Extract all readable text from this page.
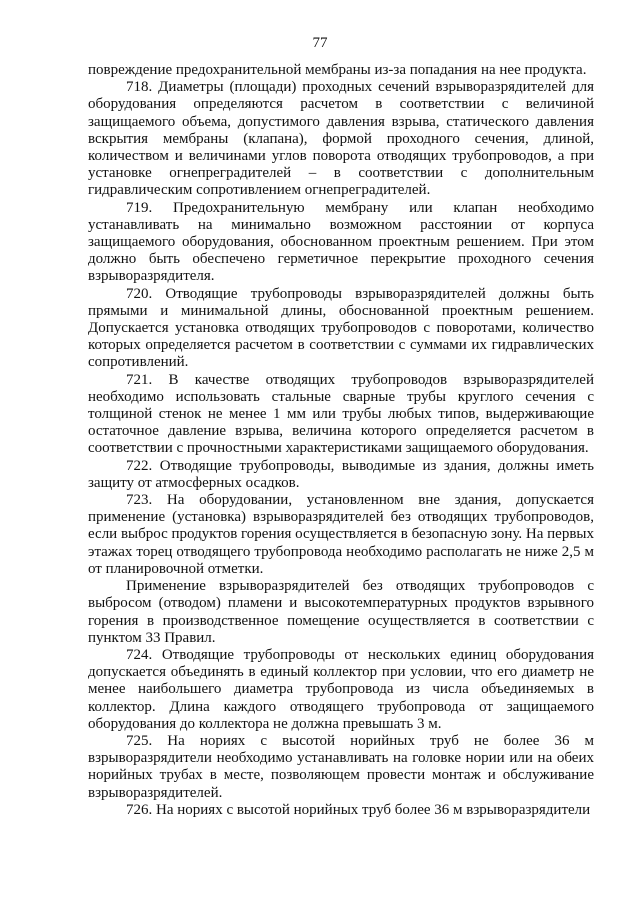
77

повреждение предохранительной мембраны из-за попадания на нее продукта.

718. Диаметры (площади) проходных сечений взрыворазрядителей для оборудования определяются расчетом в соответствии с величиной защищаемого объема, допустимого давления взрыва, статического давления вскрытия мембраны (клапана), формой проходного сечения, длиной, количеством и величинами углов поворота отводящих трубопроводов, а при установке огнепреградителей – в соответствии с дополнительным гидравлическим сопротивлением огнепреградителей.

719. Предохранительную мембрану или клапан необходимо устанавливать на минимально возможном расстоянии от корпуса защищаемого оборудования, обоснованном проектным решением. При этом должно быть обеспечено герметичное перекрытие проходного сечения взрыворазрядителя.

720. Отводящие трубопроводы взрыворазрядителей должны быть прямыми и минимальной длины, обоснованной проектным решением. Допускается установка отводящих трубопроводов с поворотами, количество которых определяется расчетом в соответствии с суммами их гидравлических сопротивлений.

721. В качестве отводящих трубопроводов взрыворазрядителей необходимо использовать стальные сварные трубы круглого сечения с толщиной стенок не менее 1 мм или трубы любых типов, выдерживающие остаточное давление взрыва, величина которого определяется расчетом в соответствии с прочностными характеристиками защищаемого оборудования.

722. Отводящие трубопроводы, выводимые из здания, должны иметь защиту от атмосферных осадков.

723. На оборудовании, установленном вне здания, допускается применение (установка) взрыворазрядителей без отводящих трубопроводов, если выброс продуктов горения осуществляется в безопасную зону. На первых этажах торец отводящего трубопровода необходимо располагать не ниже 2,5 м от планировочной отметки.

Применение взрыворазрядителей без отводящих трубопроводов с выбросом (отводом) пламени и высокотемпературных продуктов взрывного горения в производственное помещение осуществляется в соответствии с пунктом 33 Правил.

724. Отводящие трубопроводы от нескольких единиц оборудования допускается объединять в единый коллектор при условии, что его диаметр не менее наибольшего диаметра трубопровода из числа объединяемых в коллектор. Длина каждого отводящего трубопровода от защищаемого оборудования до коллектора не должна превышать 3 м.

725. На нориях с высотой норийных труб не более 36 м взрыворазрядители необходимо устанавливать на головке нории или на обеих норийных трубах в месте, позволяющем провести монтаж и обслуживание взрыворазрядителей.

726. На нориях с высотой норийных труб более 36 м взрыворазрядители
